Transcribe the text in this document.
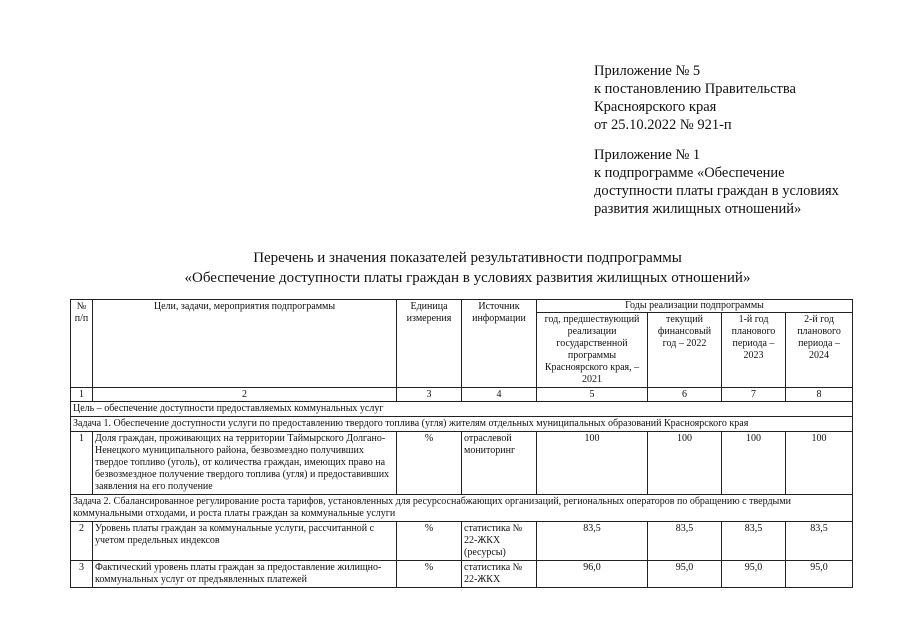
Приложение № 5
к постановлению Правительства
Красноярского края
от 25.10.2022 № 921-п
Приложение № 1
к подпрограмме «Обеспечение
доступности платы граждан в условиях
развития жилищных отношений»
Перечень и значения показателей результативности подпрограммы
«Обеспечение доступности платы граждан в условиях развития жилищных отношений»
№ п/п	Цели, задачи, мероприятия подпрограммы	Единица измерения	Источник информации	Годы реализации подпрограммы			
				год, предшествующий реализации государственной программы Красноярского края, – 2021	текущий финансовый год – 2022	1-й год планового периода – 2023	2-й год планового периода – 2024
1	2	3	4	5	6	7	8
Цель – обеспечение доступности предоставляемых коммунальных услуг							
Задача 1. Обеспечение доступности услуги по предоставлению твердого топлива (угля) жителям отдельных муниципальных образований Красноярского края							
1	Доля граждан, проживающих на территории Таймырского Долгано-Ненецкого муниципального района, безвозмездно получивших твердое топливо (уголь), от количества граждан, имеющих право на безвозмездное получение твердого топлива (угля) и предоставивших заявления на его получение	%	отраслевой мониторинг	100	100	100	100
Задача 2. Сбалансированное регулирование роста тарифов, установленных для ресурсоснабжающих организаций, региональных операторов по обращению с твердыми коммунальными отходами, и роста платы граждан за коммунальные услуги							
2	Уровень платы граждан за коммунальные услуги, рассчитанной с учетом предельных индексов	%	статистика № 22-ЖКХ (ресурсы)	83,5	83,5	83,5	83,5
3	Фактический уровень платы граждан за предоставление жилищно-коммунальных услуг от предъявленных платежей	%	статистика № 22-ЖКХ	96,0	95,0	95,0	95,0
